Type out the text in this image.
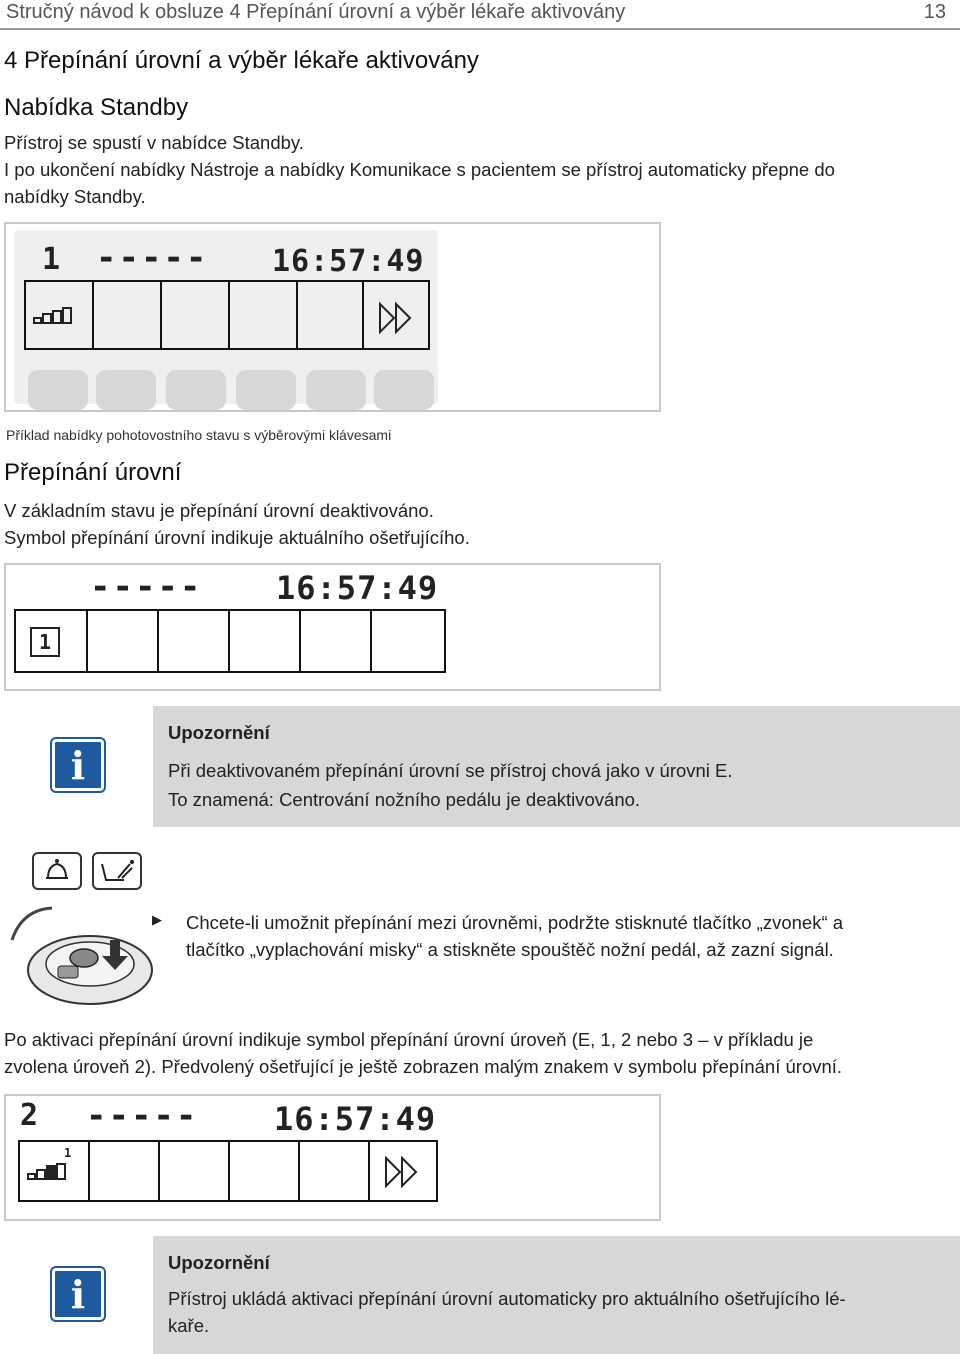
Stručný návod k obsluze 4 Přepínání úrovní a výběr lékaře aktivovány	13
4 Přepínání úrovní a výběr lékaře aktivovány
Nabídka Standby
Přístroj se spustí v nabídce Standby.
I po ukončení nabídky Nástroje a nabídky Komunikace s pacientem se přístroj automaticky přepne do
nabídky Standby.
1 ----- 16:57:49
Příklad nabídky pohotovostního stavu s výběrovými klávesami
Přepínání úrovní
V základním stavu je přepínání úrovní deaktivováno.
Symbol přepínání úrovní indikuje aktuálního ošetřujícího.
----- 16:57:49
1
i
Upozornění
Při deaktivovaném přepínání úrovní se přístroj chová jako v úrovni E.
To znamená: Centrování nožního pedálu je deaktivováno.
▶ Chcete-li umožnit přepínání mezi úrovněmi, podržte stisknuté tlačítko „zvonek“ a
tlačítko „vyplachování misky“ a stiskněte spouštěč nožní pedál, až zazní signál.
Po aktivaci přepínání úrovní indikuje symbol přepínání úrovní úroveň (E, 1, 2 nebo 3 – v příkladu je
zvolena úroveň 2). Předvolený ošetřující je ještě zobrazen malým znakem v symbolu přepínání úrovní.
2 ----- 16:57:49
1
i
Upozornění
Přístroj ukládá aktivaci přepínání úrovní automaticky pro aktuálního ošetřujícího lé-
kaře.
